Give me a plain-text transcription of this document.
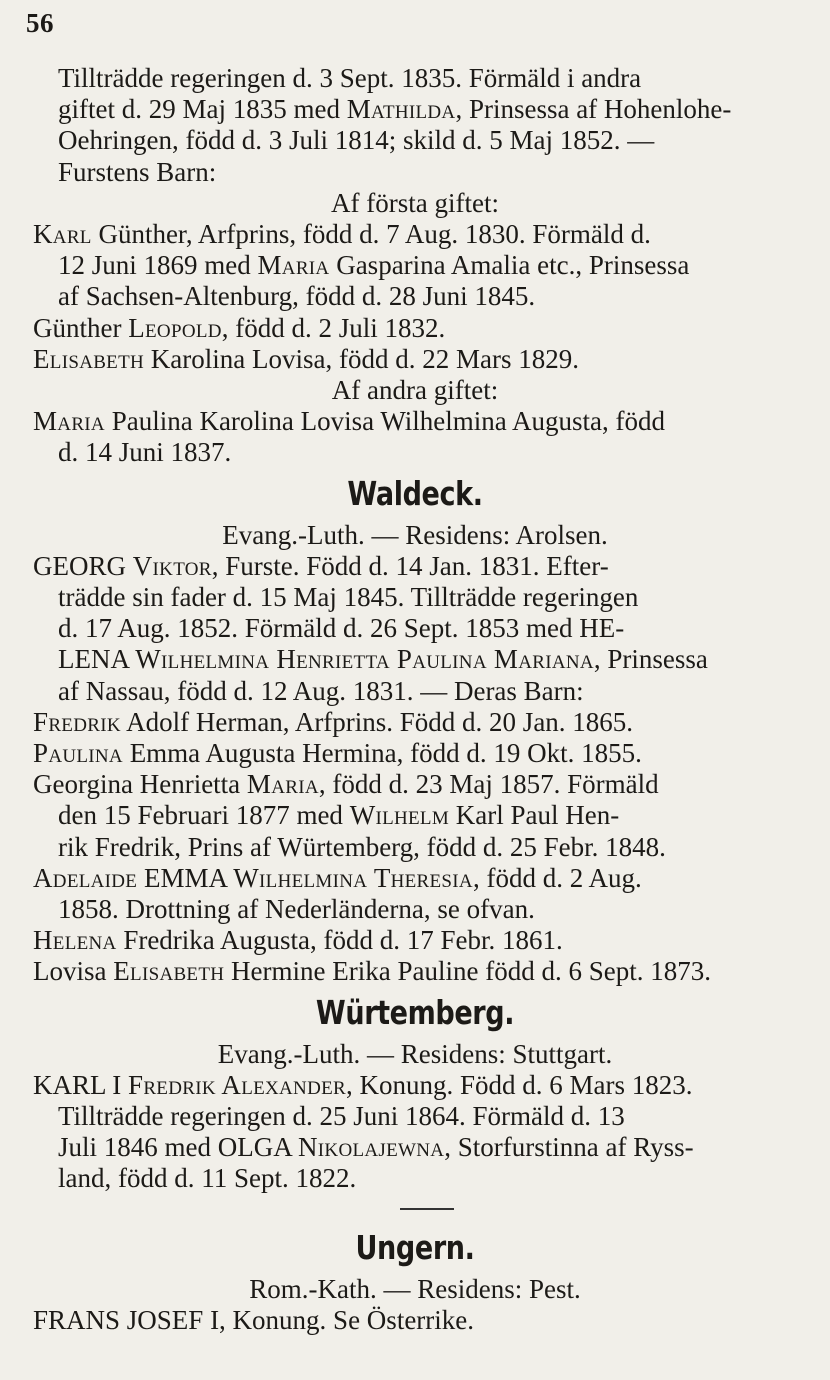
56
Tillträdde regeringen d. 3 Sept. 1835. Förmäld i andra
giftet d. 29 Maj 1835 med Mathilda, Prinsessa af Hohenlohe-
Oehringen, född d. 3 Juli 1814; skild d. 5 Maj 1852. —
Furstens Barn:
Af första giftet:
Karl Günther, Arfprins, född d. 7 Aug. 1830. Förmäld d.
12 Juni 1869 med Maria Gasparina Amalia etc., Prinsessa
af Sachsen-Altenburg, född d. 28 Juni 1845.
Günther Leopold, född d. 2 Juli 1832.
Elisabeth Karolina Lovisa, född d. 22 Mars 1829.
Af andra giftet:
Maria Paulina Karolina Lovisa Wilhelmina Augusta, född
d. 14 Juni 1837.
Waldeck.
Evang.-Luth. — Residens: Arolsen.
GEORG Viktor, Furste. Född d. 14 Jan. 1831. Efter-
trädde sin fader d. 15 Maj 1845. Tillträdde regeringen
d. 17 Aug. 1852. Förmäld d. 26 Sept. 1853 med HE-
LENA Wilhelmina Henrietta Paulina Mariana, Prinsessa
af Nassau, född d. 12 Aug. 1831. — Deras Barn:
Fredrik Adolf Herman, Arfprins. Född d. 20 Jan. 1865.
Paulina Emma Augusta Hermina, född d. 19 Okt. 1855.
Georgina Henrietta Maria, född d. 23 Maj 1857. Förmäld
den 15 Februari 1877 med Wilhelm Karl Paul Hen-
rik Fredrik, Prins af Würtemberg, född d. 25 Febr. 1848.
Adelaide EMMA Wilhelmina Theresia, född d. 2 Aug.
1858. Drottning af Nederländerna, se ofvan.
Helena Fredrika Augusta, född d. 17 Febr. 1861.
Lovisa Elisabeth Hermine Erika Pauline född d. 6 Sept. 1873.
Würtemberg.
Evang.-Luth. — Residens: Stuttgart.
KARL I Fredrik Alexander, Konung. Född d. 6 Mars 1823.
Tillträdde regeringen d. 25 Juni 1864. Förmäld d. 13
Juli 1846 med OLGA Nikolajewna, Storfurstinna af Ryss-
land, född d. 11 Sept. 1822.
Ungern.
Rom.-Kath. — Residens: Pest.
FRANS JOSEF I, Konung. Se Österrike.
